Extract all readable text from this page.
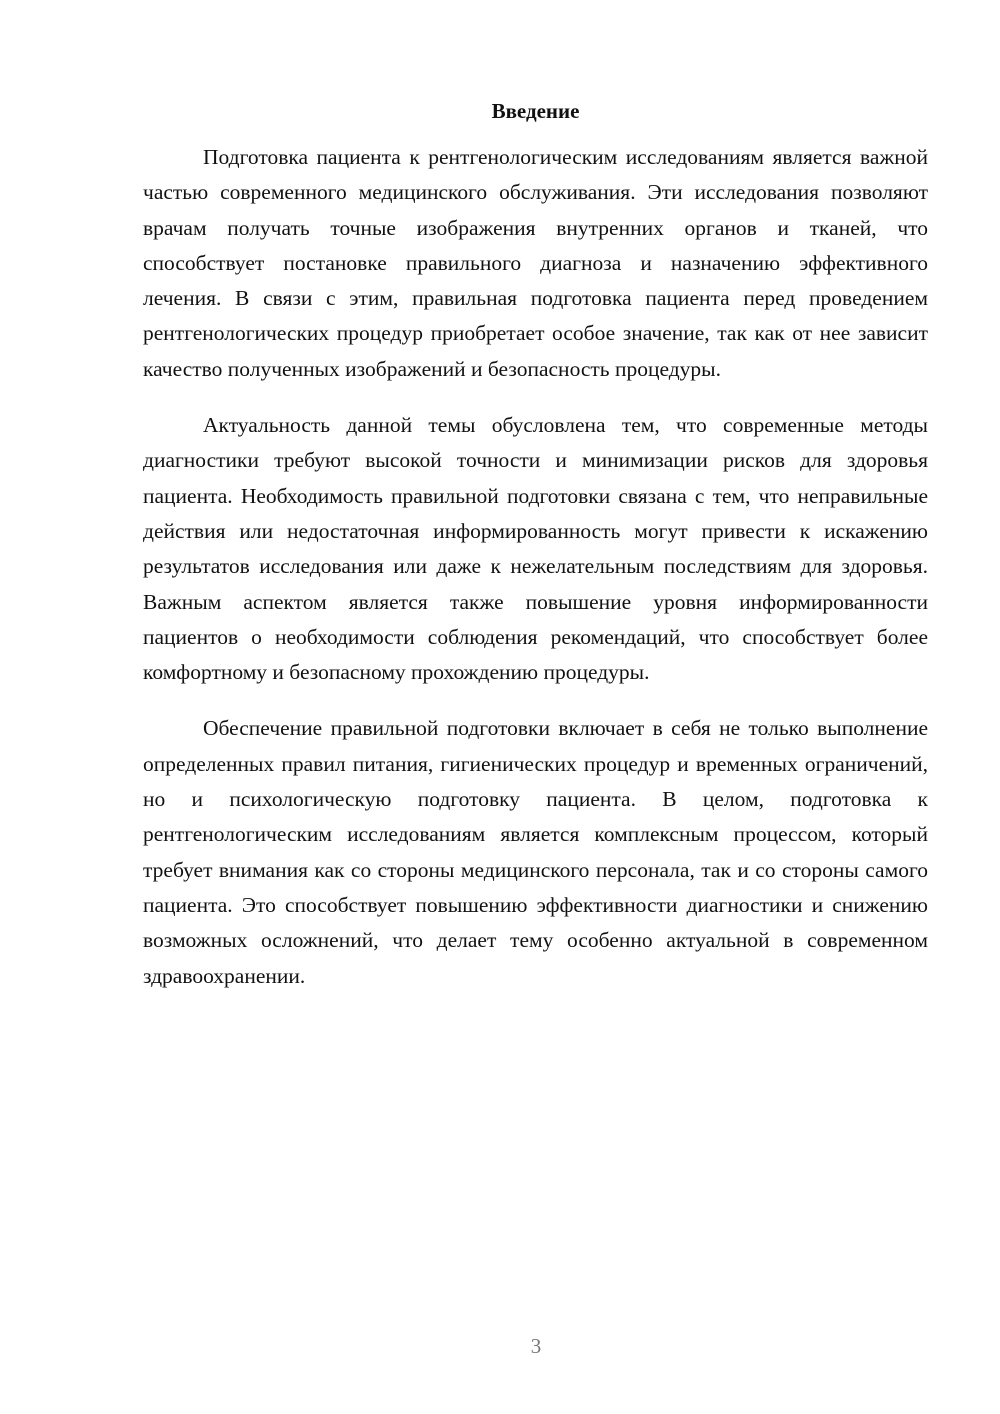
Введение

Подготовка пациента к рентгенологическим исследованиям является важной частью современного медицинского обслуживания. Эти исследования позволяют врачам получать точные изображения внутренних органов и тканей, что способствует постановке правильного диагноза и назначению эффективного лечения. В связи с этим, правильная подготовка пациента перед проведением рентгенологических процедур приобретает особое значение, так как от нее зависит качество полученных изображений и безопасность процедуры.

Актуальность данной темы обусловлена тем, что современные методы диагностики требуют высокой точности и минимизации рисков для здоровья пациента. Необходимость правильной подготовки связана с тем, что неправильные действия или недостаточная информированность могут привести к искажению результатов исследования или даже к нежелательным последствиям для здоровья. Важным аспектом является также повышение уровня информированности пациентов о необходимости соблюдения рекомендаций, что способствует более комфортному и безопасному прохождению процедуры.

Обеспечение правильной подготовки включает в себя не только выполнение определенных правил питания, гигиенических процедур и временных ограничений, но и психологическую подготовку пациента. В целом, подготовка к рентгенологическим исследованиям является комплексным процессом, который требует внимания как со стороны медицинского персонала, так и со стороны самого пациента. Это способствует повышению эффективности диагностики и снижению возможных осложнений, что делает тему особенно актуальной в современном здравоохранении.

3
